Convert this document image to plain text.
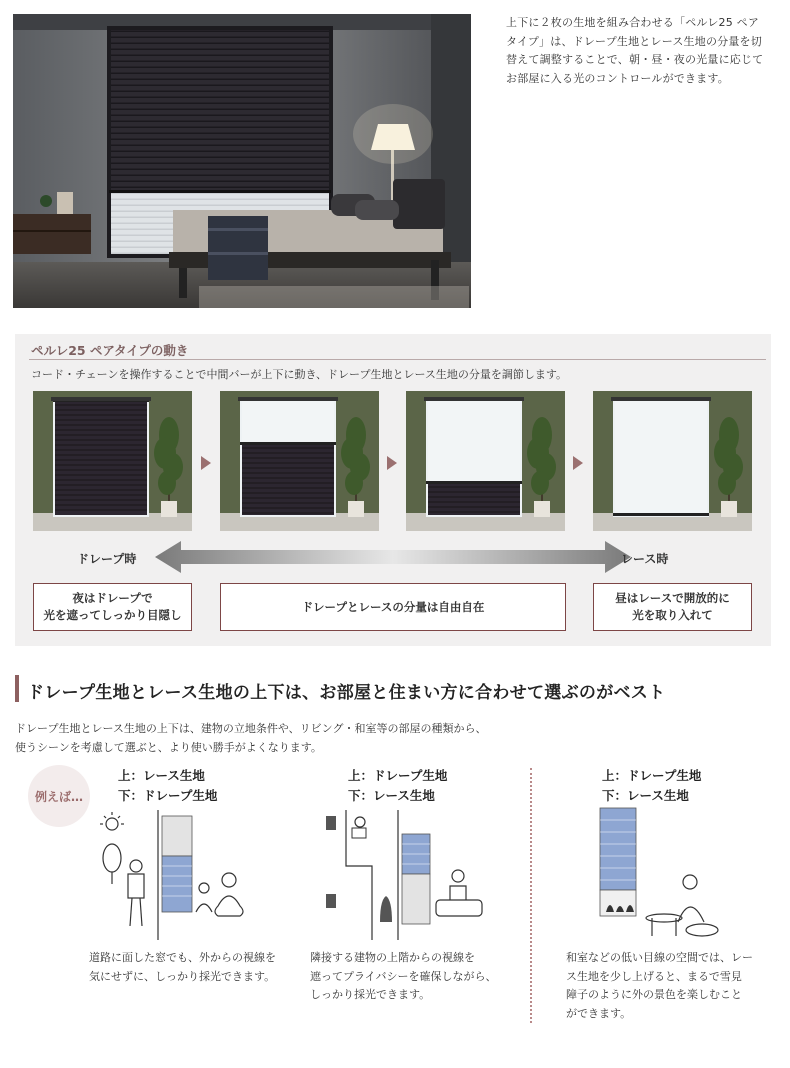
上下に２枚の生地を組み合わせる「ペルレ25 ペアタイプ」は、ドレープ生地とレース生地の分量を切替えて調整することで、朝・昼・夜の光量に応じてお部屋に入る光のコントロールができます。
ペルレ25 ペアタイプの動き
コード・チェーンを操作することで中間バーが上下に動き、ドレープ生地とレース生地の分量を調節します。
ドレープ時	レース時
夜はドレープで
光を遮ってしっかり目隠し
ドレープとレースの分量は自由自在
昼はレースで開放的に
光を取り入れて
ドレープ生地とレース生地の上下は、お部屋と住まい方に合わせて選ぶのがベスト
ドレープ生地とレース生地の上下は、建物の立地条件や、リビング・和室等の部屋の種類から、
使うシーンを考慮して選ぶと、より使い勝手がよくなります。
例えば…
上：レース生地
下：ドレープ生地
道路に面した窓でも、外からの視線を
気にせずに、しっかり採光できます。
上：ドレープ生地
下：レース生地
隣接する建物の上階からの視線を
遮ってプライバシーを確保しながら、
しっかり採光できます。
上：ドレープ生地
下：レース生地
和室などの低い目線の空間では、レー
ス生地を少し上げると、まるで雪見
障子のように外の景色を楽しむこと
ができます。
